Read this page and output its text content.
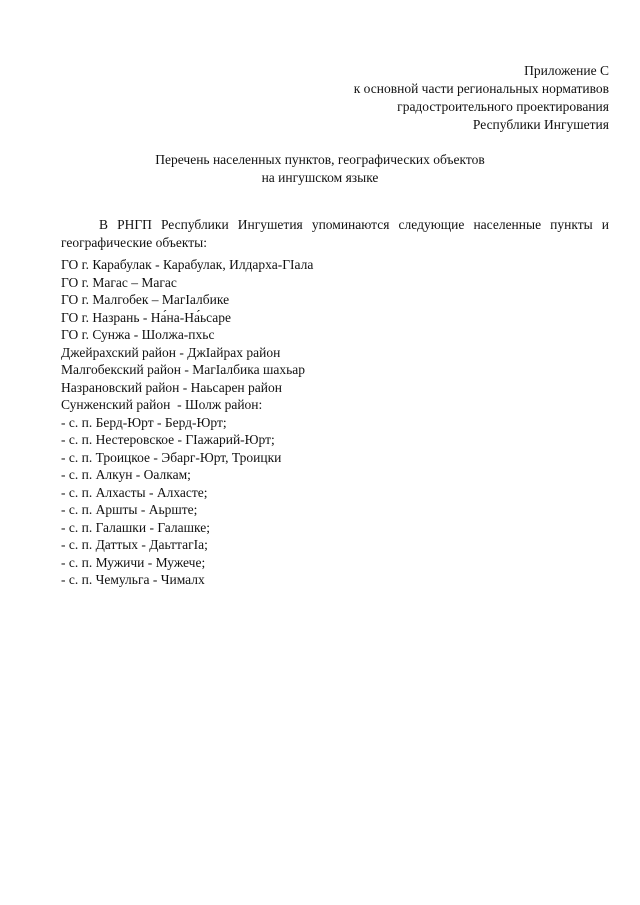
Приложение С
к основной части региональных нормативов
градостроительного проектирования
Республики Ингушетия
Перечень населенных пунктов, географических объектов
на ингушском языке

В РНГП Республики Ингушетия упоминаются следующие населенные пункты и географические объекты:

ГО г. Карабулак - Карабулак, Илдарха-ГӀала
ГО г. Магас – Магас
ГО г. Малгобек – МагӀалбике
ГО г. Назрань - На́на-На́ьсаре
ГО г. Сунжа - Шолжа-пхьс
Джейрахский район - ДжӀайрах район
Малгобекский район - МагӀалбика шахьар
Назрановский район - Наьсарен район
Сунженский район  - Шолж район:
- с. п. Берд-Юрт - Берд-Юрт;
- с. п. Нестеровское - ГӀажарий-Юрт;
- с. п. Троицкое - Эбарг-Юрт, Троицки
- с. п. Алкун - Оалкам;
- с. п. Алхасты - Алхасте;
- с. п. Аршты - Аьрште;
- с. п. Галашки - Галашке;
- с. п. Даттых - ДаьттагӀа;
- с. п. Мужичи - Мужече;
- с. п. Чемульга - Чималх
